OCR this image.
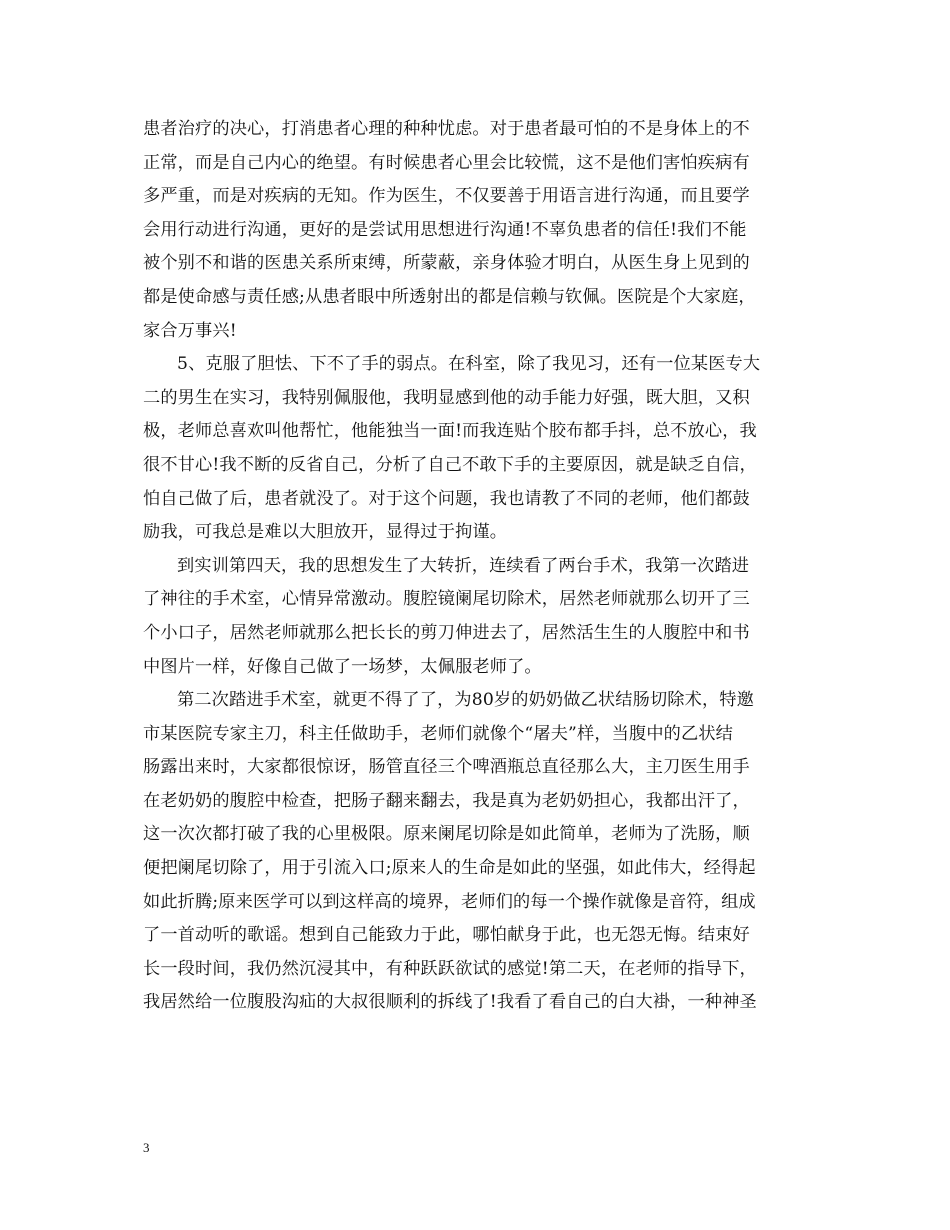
患者治疗的决心，打消患者心理的种种忧虑。对于患者最可怕的不是身体上的不
正常，而是自己内心的绝望。有时候患者心里会比较慌，这不是他们害怕疾病有
多严重，而是对疾病的无知。作为医生，不仅要善于用语言进行沟通，而且要学
会用行动进行沟通，更好的是尝试用思想进行沟通!不辜负患者的信任!我们不能
被个别不和谐的医患关系所束缚，所蒙蔽，亲身体验才明白，从医生身上见到的
都是使命感与责任感;从患者眼中所透射出的都是信赖与钦佩。医院是个大家庭，
家合万事兴!
5、克服了胆怯、下不了手的弱点。在科室，除了我见习，还有一位某医专大
二的男生在实习，我特别佩服他，我明显感到他的动手能力好强，既大胆，又积
极，老师总喜欢叫他帮忙，他能独当一面!而我连贴个胶布都手抖，总不放心，我
很不甘心!我不断的反省自己，分析了自己不敢下手的主要原因，就是缺乏自信，
怕自己做了后，患者就没了。对于这个问题，我也请教了不同的老师，他们都鼓
励我，可我总是难以大胆放开，显得过于拘谨。
到实训第四天，我的思想发生了大转折，连续看了两台手术，我第一次踏进
了神往的手术室，心情异常激动。腹腔镜阑尾切除术，居然老师就那么切开了三
个小口子，居然老师就那么把长长的剪刀伸进去了，居然活生生的人腹腔中和书
中图片一样，好像自己做了一场梦，太佩服老师了。
第二次踏进手术室，就更不得了了，为80岁的奶奶做乙状结肠切除术，特邀
市某医院专家主刀，科主任做助手，老师们就像个“屠夫”样，当腹中的乙状结
肠露出来时，大家都很惊讶，肠管直径三个啤酒瓶总直径那么大，主刀医生用手
在老奶奶的腹腔中检查，把肠子翻来翻去，我是真为老奶奶担心，我都出汗了，
这一次次都打破了我的心里极限。原来阑尾切除是如此简单，老师为了洗肠，顺
便把阑尾切除了，用于引流入口;原来人的生命是如此的坚强，如此伟大，经得起
如此折腾;原来医学可以到这样高的境界，老师们的每一个操作就像是音符，组成
了一首动听的歌谣。想到自己能致力于此，哪怕献身于此，也无怨无悔。结束好
长一段时间，我仍然沉浸其中，有种跃跃欲试的感觉!第二天，在老师的指导下，
我居然给一位腹股沟疝的大叔很顺利的拆线了!我看了看自己的白大褂，一种神圣
3
